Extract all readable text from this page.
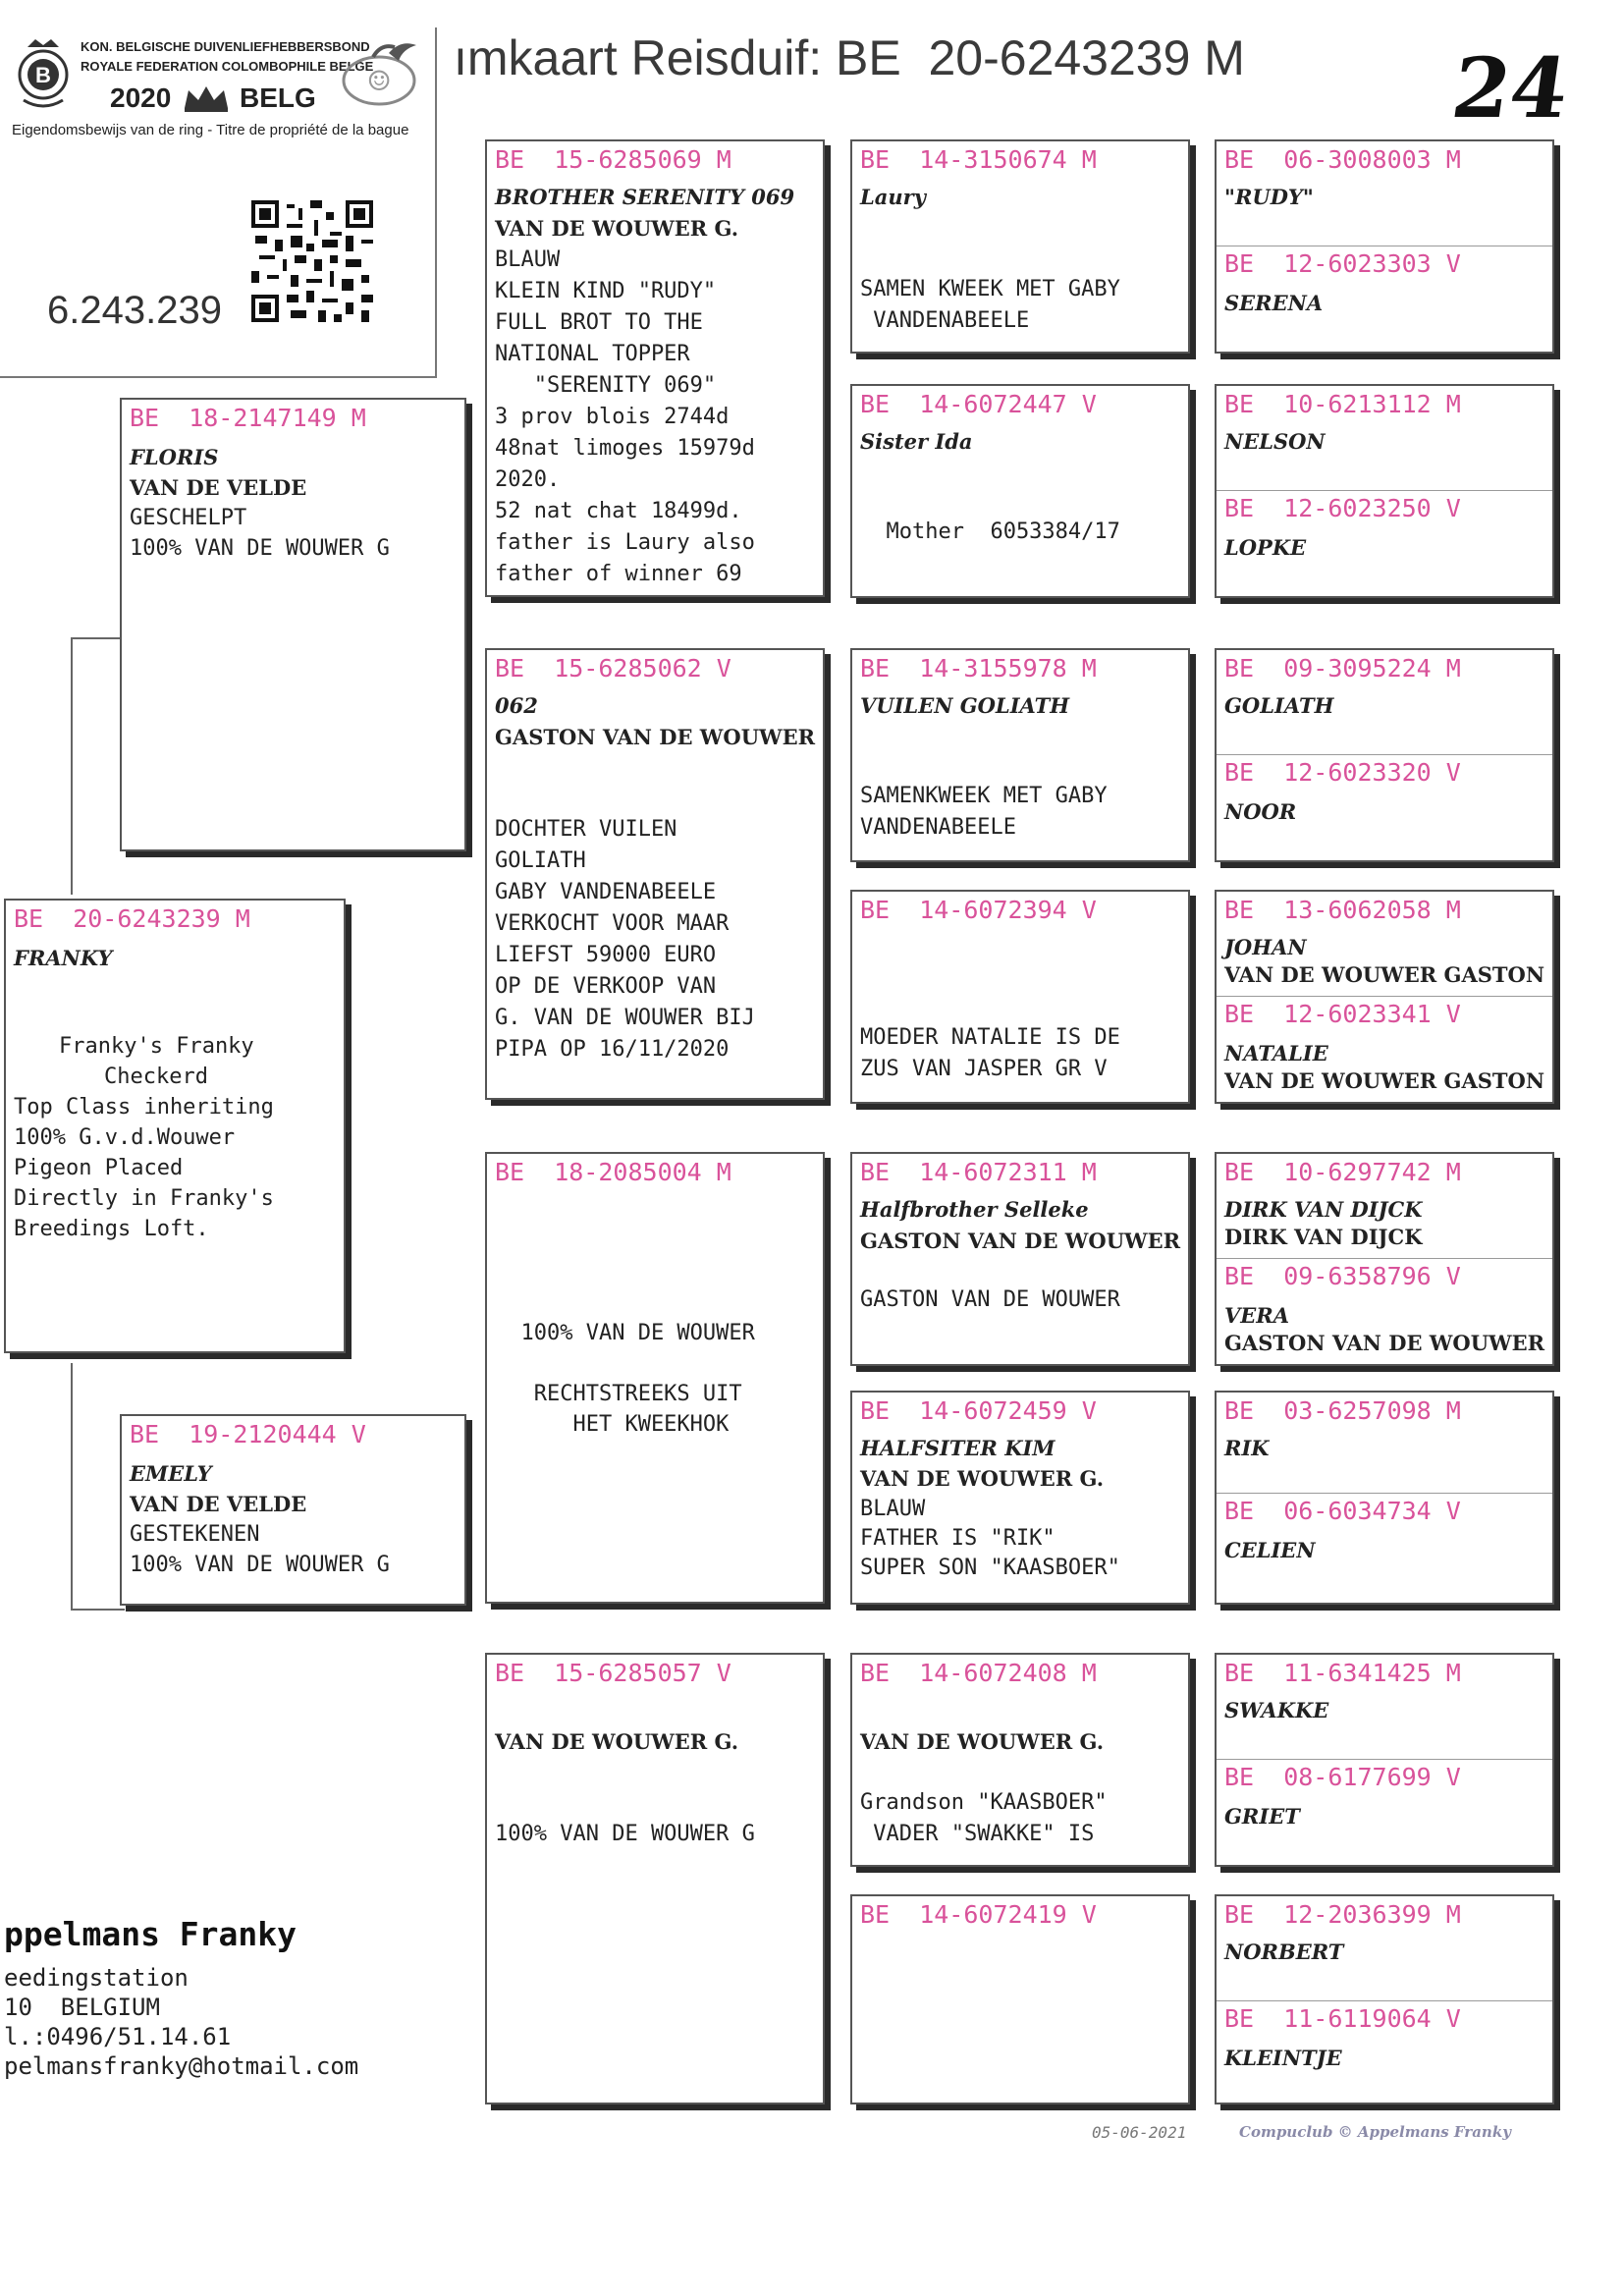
ımkaart Reisduif: BE  20-6243239 M 24
B
KON. BELGISCHE DUIVENLIEFHEBBERSBOND
ROYALE FEDERATION COLOMBOPHILE BELGE
2020 BELG
☺
Eigendomsbewijs van de ring - Titre de propriété de la bague
6.243.239
BE  20-6243239 M
FRANKY
Franky's Franky
Checkerd
Top Class inheriting
100% G.v.d.Wouwer
Pigeon Placed
Directly in Franky's
Breedings Loft.
BE  18-2147149 M
FLORIS
VAN DE VELDE
GESCHELPT
100% VAN DE WOUWER G
BE  19-2120444 V
EMELY
VAN DE VELDE
GESTEKENEN
100% VAN DE WOUWER G
BE  15-6285069 M
BROTHER SERENITY 069
VAN DE WOUWER G.
BLAUW
KLEIN KIND "RUDY"
FULL BROT TO THE
NATIONAL TOPPER
"SERENITY 069"
3 prov blois 2744d
48nat limoges 15979d
2020.
52 nat chat 18499d.
father is Laury also
father of winner 69
BE  15-6285062 V
062
GASTON VAN DE WOUWER
DOCHTER VUILEN
GOLIATH
GABY VANDENABEELE
VERKOCHT VOOR MAAR
LIEFST 59000 EURO
OP DE VERKOOP VAN
G. VAN DE WOUWER BIJ
PIPA OP 16/11/2020
BE  18-2085004 M
100% VAN DE WOUWER
RECHTSTREEKS UIT
HET KWEEKHOK
BE  15-6285057 V
VAN DE WOUWER G.
100% VAN DE WOUWER G
BE  14-3150674 M
Laury
SAMEN KWEEK MET GABY
VANDENABEELE
BE  14-6072447 V
Sister Ida
Mother  6053384/17
BE  14-3155978 M
VUILEN GOLIATH
SAMENKWEEK MET GABY
VANDENABEELE
BE  14-6072394 V
MOEDER NATALIE IS DE
ZUS VAN JASPER GR V
BE  14-6072311 M
Halfbrother Selleke
GASTON VAN DE WOUWER
GASTON VAN DE WOUWER
BE  14-6072459 V
HALFSITER KIM
VAN DE WOUWER G.
BLAUW
FATHER IS "RIK"
SUPER SON "KAASBOER"
BE  14-6072408 M
VAN DE WOUWER G.
Grandson "KAASBOER"
VADER "SWAKKE" IS
BE  14-6072419 V
BE  06-3008003 M
"RUDY"
BE  12-6023303 V
SERENA
BE  10-6213112 M
NELSON
BE  12-6023250 V
LOPKE
BE  09-3095224 M
GOLIATH
BE  12-6023320 V
NOOR
BE  13-6062058 M
JOHAN
VAN DE WOUWER GASTON
BE  12-6023341 V
NATALIE
VAN DE WOUWER GASTON
BE  10-6297742 M
DIRK VAN DIJCK
DIRK VAN DIJCK
BE  09-6358796 V
VERA
GASTON VAN DE WOUWER
BE  03-6257098 M
RIK
BE  06-6034734 V
CELIEN
BE  11-6341425 M
SWAKKE
BE  08-6177699 V
GRIET
BE  12-2036399 M
NORBERT
BE  11-6119064 V
KLEINTJE
ppelmans Franky
eedingstation
10  BELGIUM
l.:0496/51.14.61
pelmansfranky@hotmail.com
05-06-2021	Compuclub © Appelmans Franky
